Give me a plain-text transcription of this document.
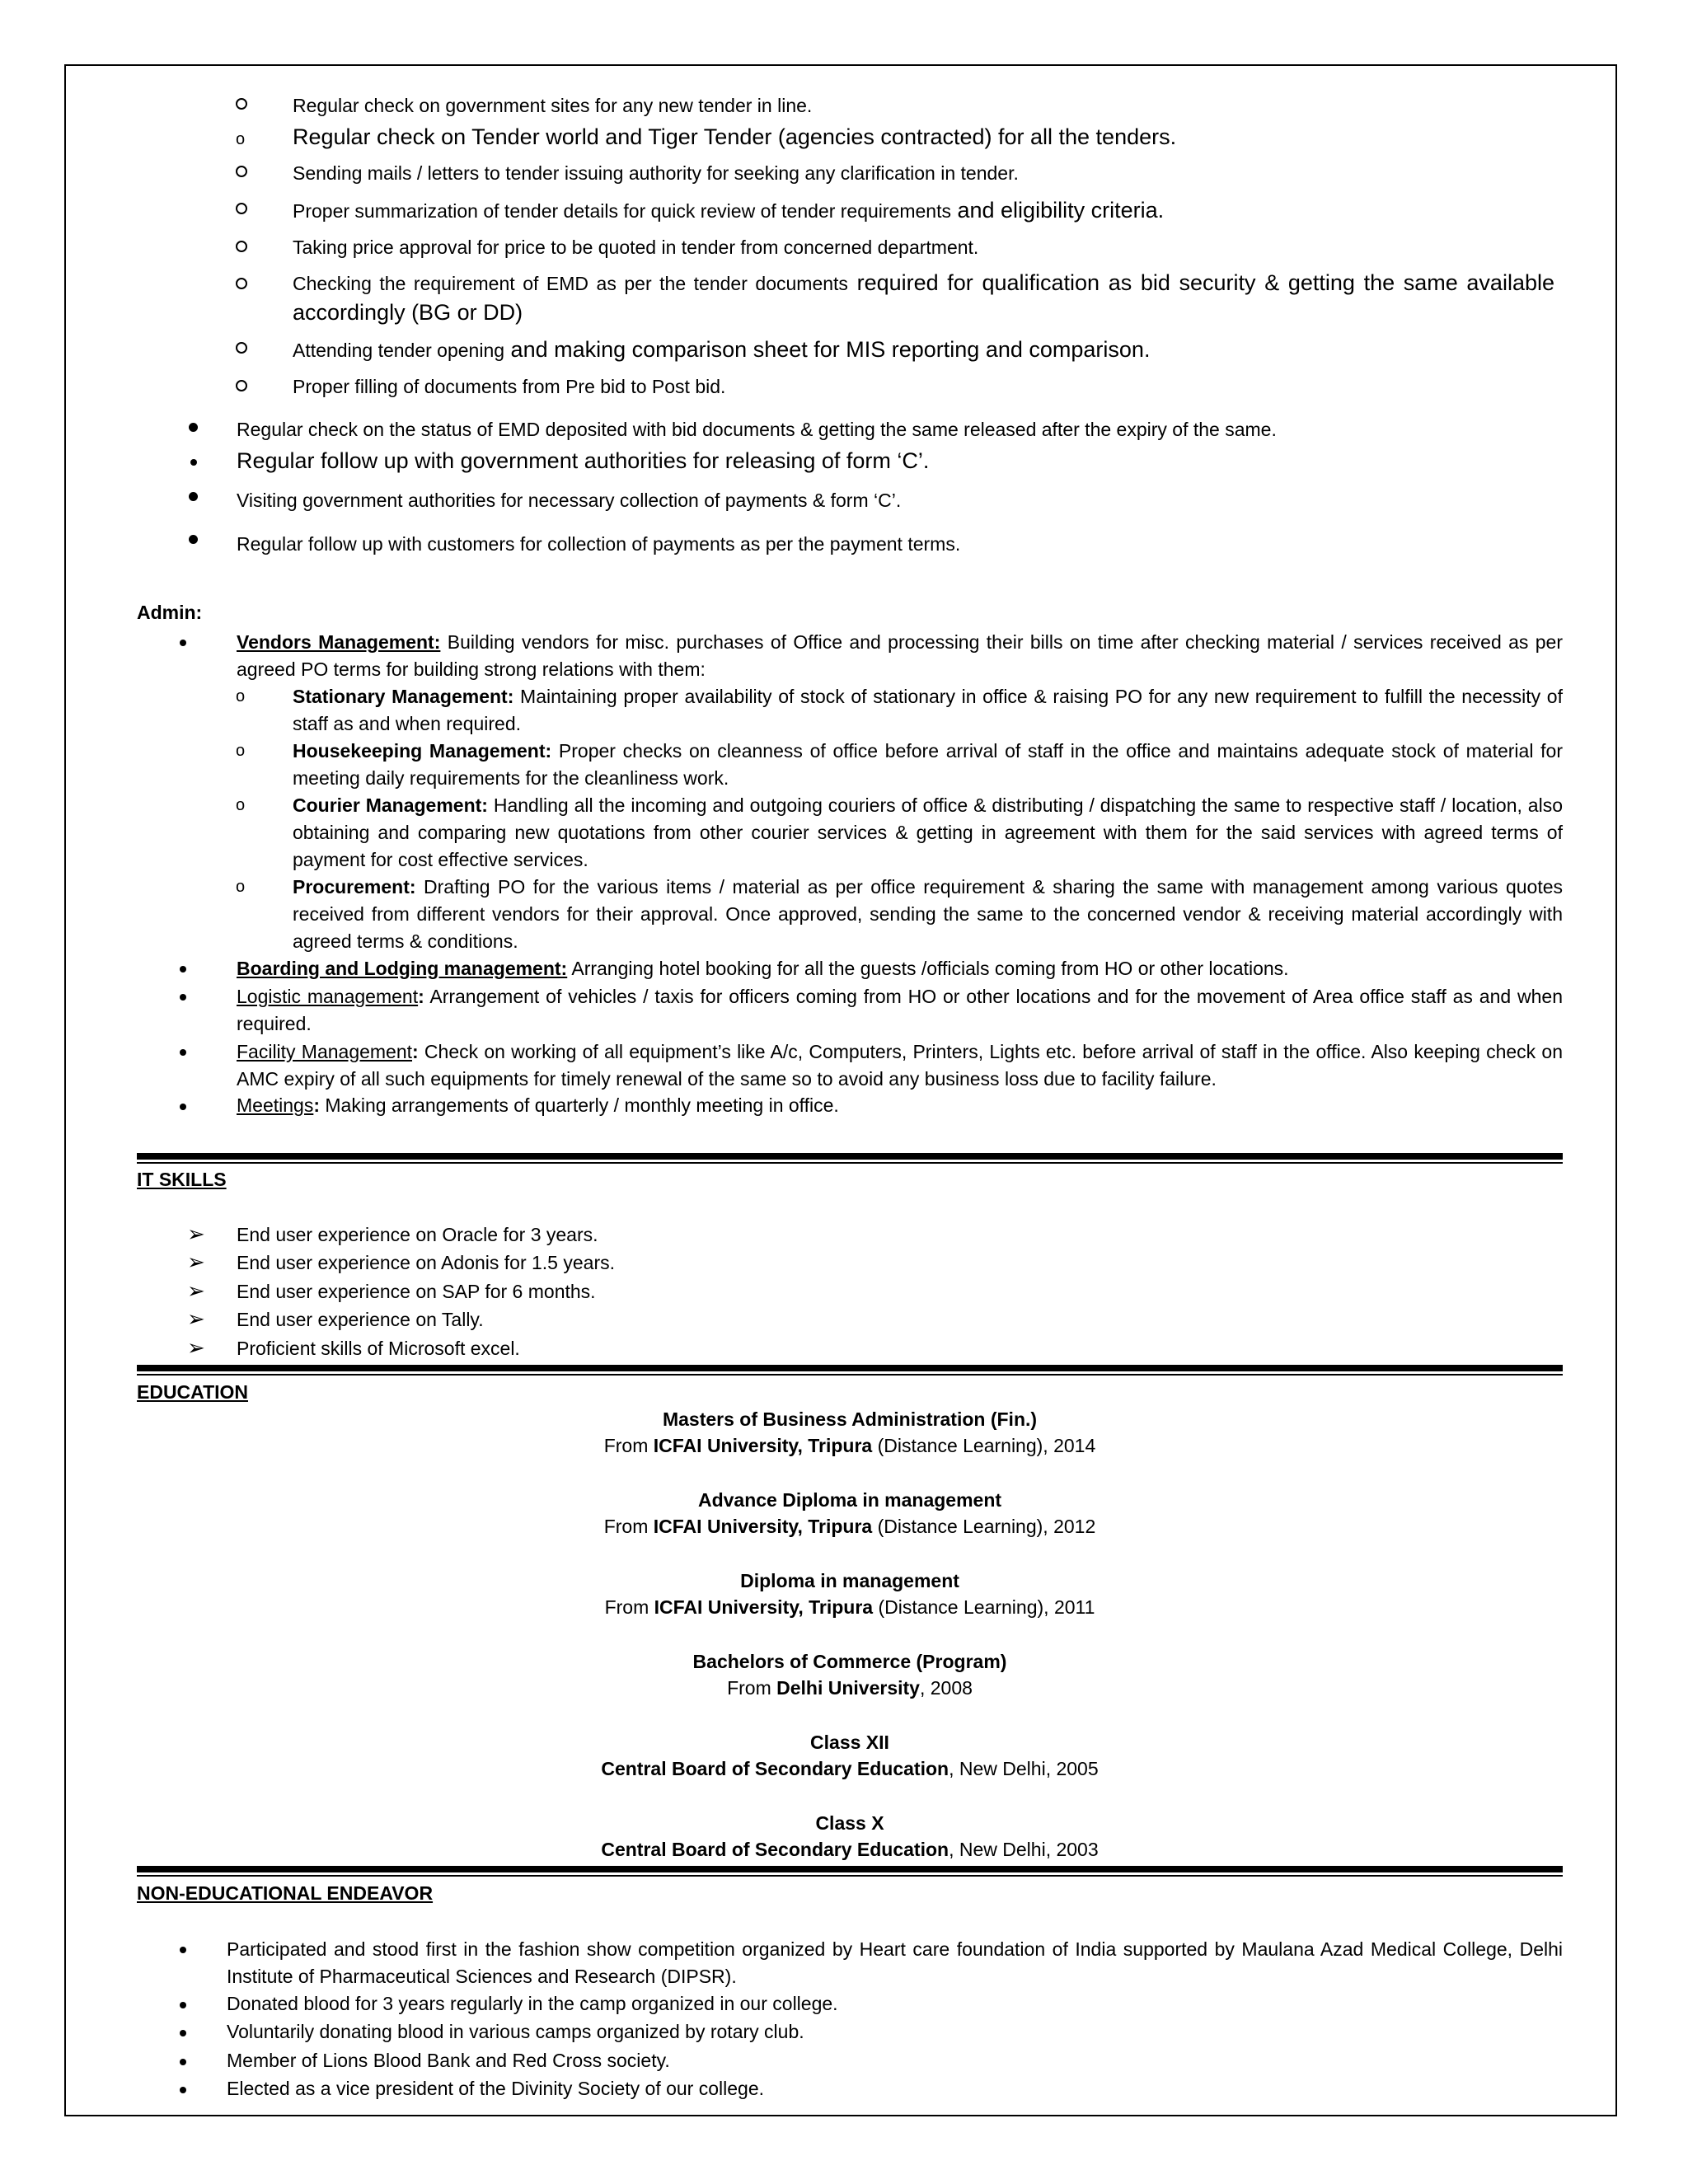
Regular check on government sites for any new tender in line.
o Regular check on Tender world and Tiger Tender (agencies contracted) for all the tenders.
Sending mails / letters to tender issuing authority for seeking any clarification in tender.
Proper summarization of tender details for quick review of tender requirements and eligibility criteria.
Taking price approval for price to be quoted in tender from concerned department.
Checking the requirement of EMD as per the tender documents required for qualification as bid security & getting the same available accordingly (BG or DD)
Attending tender opening and making comparison sheet for MIS reporting and comparison.
Proper filling of documents from Pre bid to Post bid.
Regular check on the status of EMD deposited with bid documents & getting the same released after the expiry of the same.
Regular follow up with government authorities for releasing of form ‘C’.
Visiting government authorities for necessary collection of payments & form ‘C’.
Regular follow up with customers for collection of payments as per the payment terms.
Admin:
Vendors Management: Building vendors for misc. purchases of Office and processing their bills on time after checking material / services received as per agreed PO terms for building strong relations with them:
o	Stationary Management: Maintaining proper availability of stock of stationary in office & raising PO for any new requirement to fulfill the necessity of staff as and when required.
o	Housekeeping Management: Proper checks on cleanness of office before arrival of staff in the office and maintains adequate stock of material for meeting daily requirements for the cleanliness work.
o	Courier Management: Handling all the incoming and outgoing couriers of office & distributing / dispatching the same to respective staff / location, also obtaining and comparing new quotations from other courier services & getting in agreement with them for the said services with agreed terms of payment for cost effective services.
o	Procurement: Drafting PO for the various items / material as per office requirement & sharing the same with management among various quotes received from different vendors for their approval. Once approved, sending the same to the concerned vendor & receiving material accordingly with agreed terms & conditions.
Boarding and Lodging management: Arranging hotel booking for all the guests /officials coming from HO or other locations.
Logistic management: Arrangement of vehicles / taxis for officers coming from HO or other locations and for the movement of Area office staff as and when required.
Facility Management: Check on working of all equipment’s like A/c, Computers, Printers, Lights etc. before arrival of staff in the office. Also keeping check on AMC expiry of all such equipments for timely renewal of the same so to avoid any business loss due to facility failure.
Meetings: Making arrangements of quarterly / monthly meeting in office.
IT SKILLS
➢ End user experience on Oracle for 3 years.
➢ End user experience on Adonis for 1.5 years.
➢ End user experience on SAP for 6 months.
➢ End user experience on Tally.
➢ Proficient skills of Microsoft excel.
EDUCATION
Masters of Business Administration (Fin.)
From ICFAI University, Tripura (Distance Learning), 2014
Advance Diploma in management
From ICFAI University, Tripura (Distance Learning), 2012
Diploma in management
From ICFAI University, Tripura (Distance Learning), 2011
Bachelors of Commerce (Program)
From Delhi University, 2008
Class XII
Central Board of Secondary Education, New Delhi, 2005
Class X
Central Board of Secondary Education, New Delhi, 2003
NON-EDUCATIONAL ENDEAVOR
Participated and stood first in the fashion show competition organized by Heart care foundation of India supported by Maulana Azad Medical College, Delhi Institute of Pharmaceutical Sciences and Research (DIPSR).
Donated blood for 3 years regularly in the camp organized in our college.
Voluntarily donating blood in various camps organized by rotary club.
Member of Lions Blood Bank and Red Cross society.
Elected as a vice president of the Divinity Society of our college.
